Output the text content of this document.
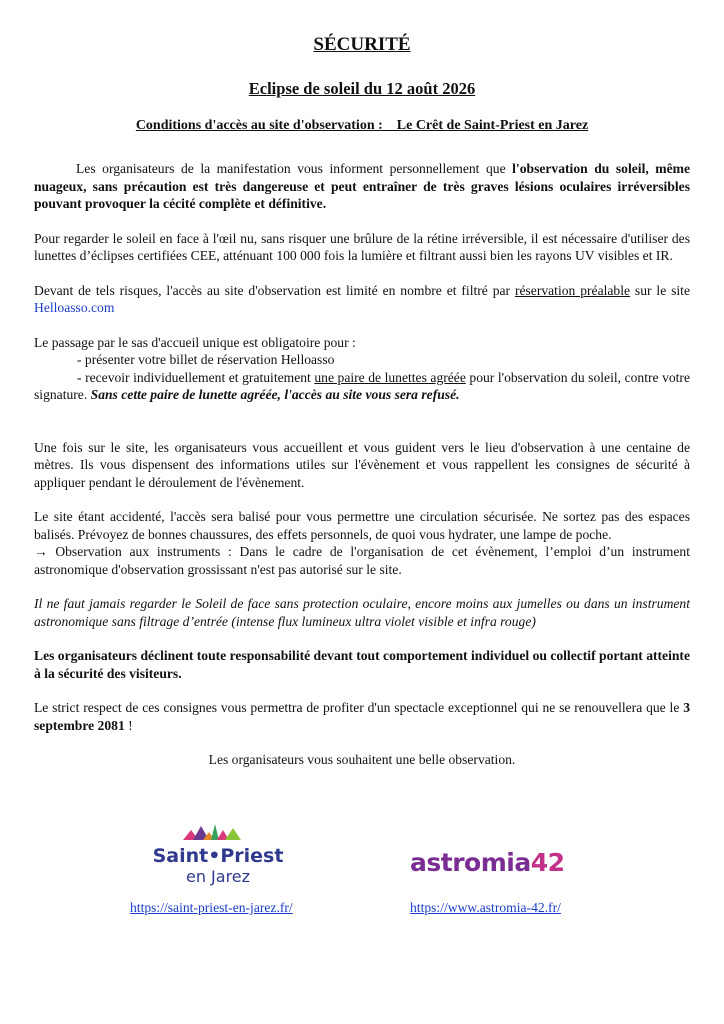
SÉCURITÉ
Eclipse de soleil du 12 août 2026
Conditions d'accès au site d'observation :    Le Crêt de Saint-Priest en Jarez

Les organisateurs de la manifestation vous informent personnellement que l'observation du soleil, même nuageux, sans précaution est très dangereuse et peut entraîner de très graves lésions oculaires irréversibles pouvant provoquer la cécité complète et définitive.

Pour regarder le soleil en face à l'œil nu, sans risquer une brûlure de la rétine irréversible, il est nécessaire d'utiliser des lunettes d’éclipses certifiées CEE, atténuant 100 000 fois la lumière et filtrant aussi bien les rayons UV visibles et IR.

Devant de tels risques, l'accès au site d'observation est limité en nombre et filtré par réservation préalable sur le site Helloasso.com

Le passage par le sas d'accueil unique est obligatoire pour :

- présenter votre billet de réservation Helloasso

- recevoir individuellement et gratuitement une paire de lunettes agréée pour l'observation du soleil, contre votre signature. Sans cette paire de lunette agréée, l'accès au site vous sera refusé.

Une fois sur le site, les organisateurs vous accueillent et vous guident vers le lieu d'observation à une centaine de mètres. Ils vous dispensent des informations utiles sur l'évènement et vous rappellent les consignes de sécurité à appliquer pendant le déroulement de l'évènement.

Le site étant accidenté, l'accès sera balisé pour vous permettre une circulation sécurisée. Ne sortez pas des espaces balisés. Prévoyez de bonnes chaussures, des effets personnels, de quoi vous hydrater, une lampe de poche.

→ Observation aux instruments : Dans le cadre de l'organisation de cet évènement, l’emploi d’un instrument astronomique d'observation grossissant n'est pas autorisé sur le site.

Il ne faut jamais regarder le Soleil de face sans protection oculaire, encore moins aux jumelles ou dans un instrument astronomique sans filtrage d’entrée (intense flux lumineux ultra violet visible et infra rouge)

Les organisateurs déclinent toute responsabilité devant tout comportement individuel ou collectif portant atteinte à la sécurité des visiteurs.

Le strict respect de ces consignes vous permettra de profiter d'un spectacle exceptionnel qui ne se renouvellera que le 3 septembre 2081 !

Les organisateurs vous souhaitent une belle observation.

Saint•Priest
en Jarez	astromia42
https://saint-priest-en-jarez.fr/	https://www.astromia-42.fr/
